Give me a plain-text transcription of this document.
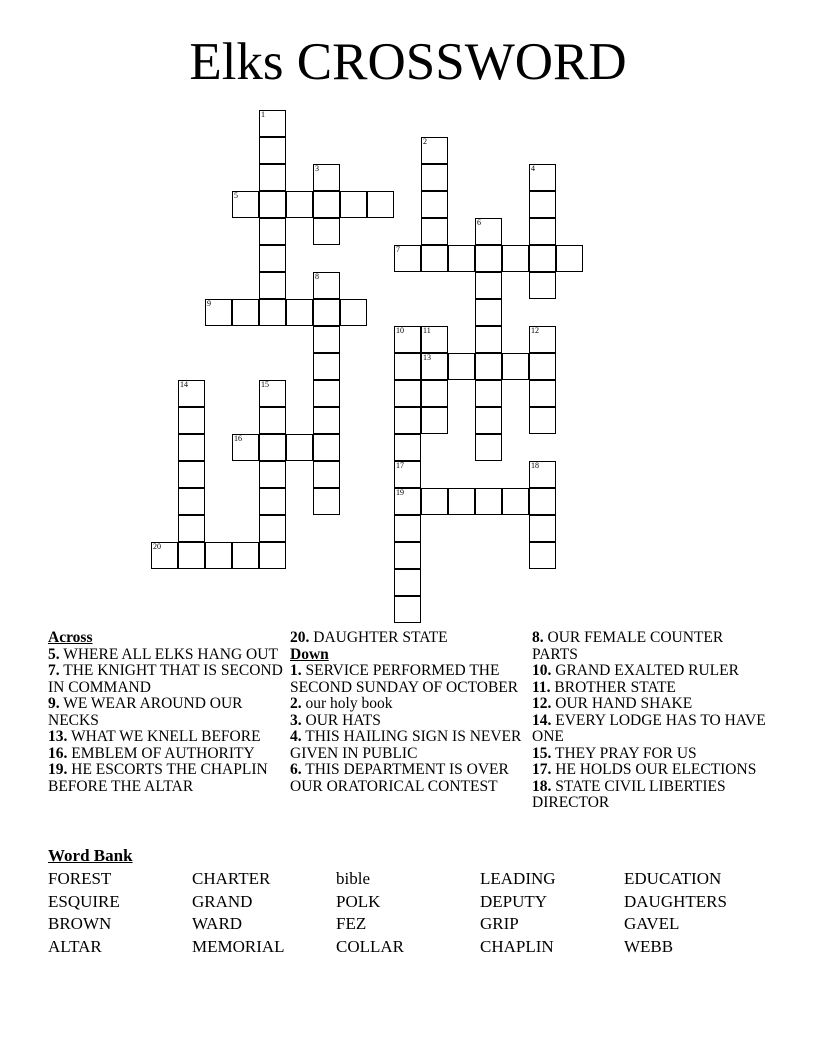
Elks CROSSWORD
1
2
3	4
5
6
7
8
9
10 11	12
13
14	15
16
17	18
19
20
Across
5. WHERE ALL ELKS HANG OUT
7. THE KNIGHT THAT IS SECOND IN COMMAND
9. WE WEAR AROUND OUR NECKS
13. WHAT WE KNELL BEFORE
16. EMBLEM OF AUTHORITY
19. HE ESCORTS THE CHAPLIN BEFORE THE ALTAR
20. DAUGHTER STATE
Down
1. SERVICE PERFORMED THE SECOND SUNDAY OF OCTOBER
2. our holy book
3. OUR HATS
4. THIS HAILING SIGN IS NEVER GIVEN IN PUBLIC
6. THIS DEPARTMENT IS OVER OUR ORATORICAL CONTEST
8. OUR FEMALE COUNTER PARTS
10. GRAND EXALTED RULER
11. BROTHER STATE
12. OUR HAND SHAKE
14. EVERY LODGE HAS TO HAVE ONE
15. THEY PRAY FOR US
17. HE HOLDS OUR ELECTIONS
18. STATE CIVIL LIBERTIES DIRECTOR
Word Bank
FOREST	CHARTER	bible	LEADING	EDUCATION
ESQUIRE	GRAND	POLK	DEPUTY	DAUGHTERS
BROWN	WARD	FEZ	GRIP	GAVEL
ALTAR	MEMORIAL	COLLAR	CHAPLIN	WEBB
